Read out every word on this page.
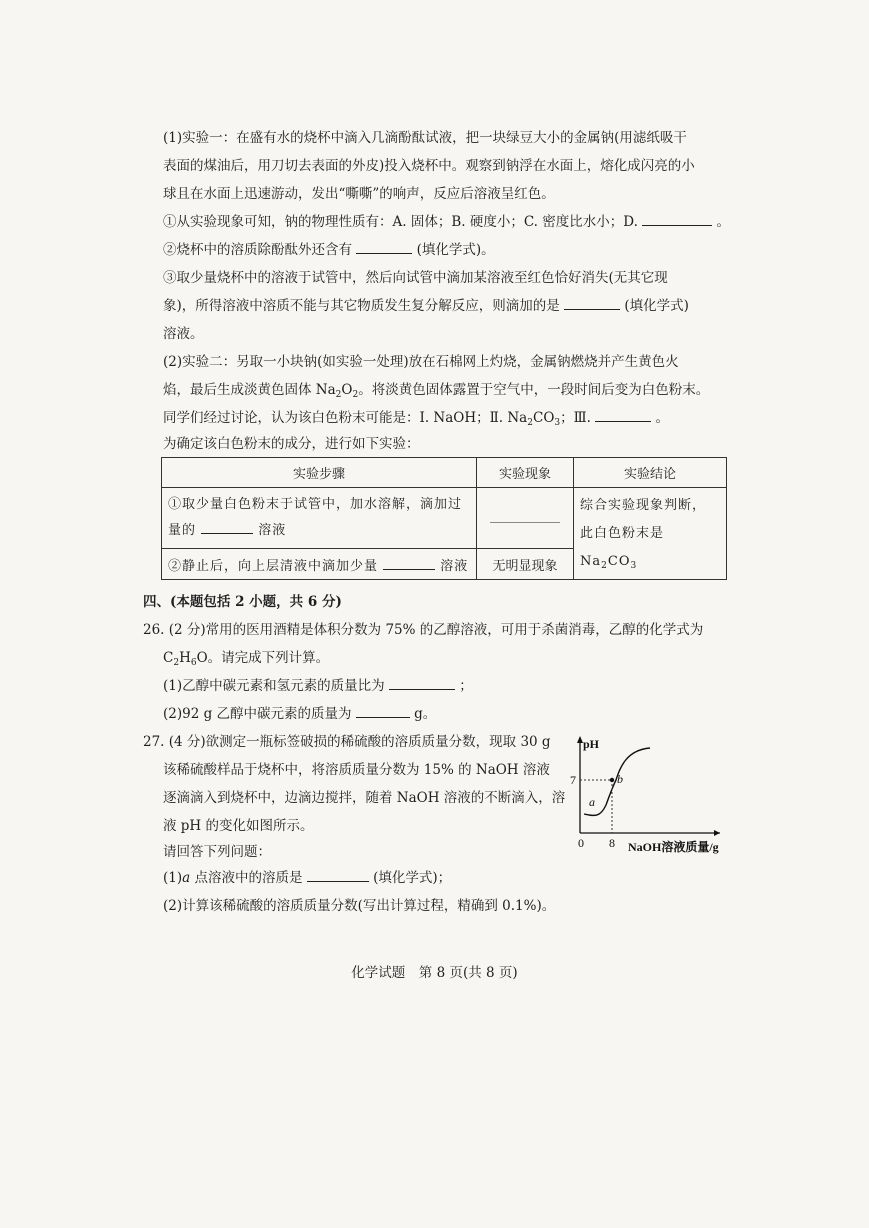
(1)实验一：在盛有水的烧杯中滴入几滴酚酞试液，把一块绿豆大小的金属钠(用滤纸吸干
表面的煤油后，用刀切去表面的外皮)投入烧杯中。观察到钠浮在水面上，熔化成闪亮的小
球且在水面上迅速游动，发出“嘶嘶”的响声，反应后溶液呈红色。
①从实验现象可知，钠的物理性质有：A. 固体；B. 硬度小；C. 密度比水小；D.	。
②烧杯中的溶质除酚酞外还含有	(填化学式)。
③取少量烧杯中的溶液于试管中，然后向试管中滴加某溶液至红色恰好消失(无其它现
象)，所得溶液中溶质不能与其它物质发生复分解反应，则滴加的是	(填化学式)
溶液。
(2)实验二：另取一小块钠(如实验一处理)放在石棉网上灼烧，金属钠燃烧并产生黄色火
焰，最后生成淡黄色固体 $Na_2O_2$。将淡黄色固体露置于空气中，一段时间后变为白色粉末。
同学们经过讨论，认为该白色粉末可能是：Ⅰ. NaOH；Ⅱ. $Na_2CO_3$；Ⅲ.	。
为确定该白色粉末的成分，进行如下实验：
实验步骤	实验现象	实验结论
①取少量白色粉末于试管中，加水溶解，滴加过
量的 溶液		综合实验现象判断，
此白色粉末是 $Na_2CO_3$
②静止后，向上层清液中滴加少量 溶液	无明显现象	
四、(本题包括 2 小题，共 6 分)
26. (2 分)常用的医用酒精是体积分数为 75% 的乙醇溶液，可用于杀菌消毒，乙醇的化学式为
$C_2H_6O$。请完成下列计算。
(1)乙醇中碳元素和氢元素的质量比为	；
(2)92 g 乙醇中碳元素的质量为	g。
27. (4 分)欲测定一瓶标签破损的稀硫酸的溶质质量分数，现取 30 g
该稀硫酸样品于烧杯中，将溶质质量分数为 15% 的 NaOH 溶液
逐滴滴入到烧杯中，边滴边搅拌，随着 NaOH 溶液的不断滴入，溶
液 pH 的变化如图所示。
请回答下列问题：
(1)a 点溶液中的溶质是	(填化学式)；
(2)计算该稀硫酸的溶质质量分数(写出计算过程，精确到 0.1%)。
pH
7
0 8 NaOH溶液质量/g
a
b
化学试题　第 8 页(共 8 页)
